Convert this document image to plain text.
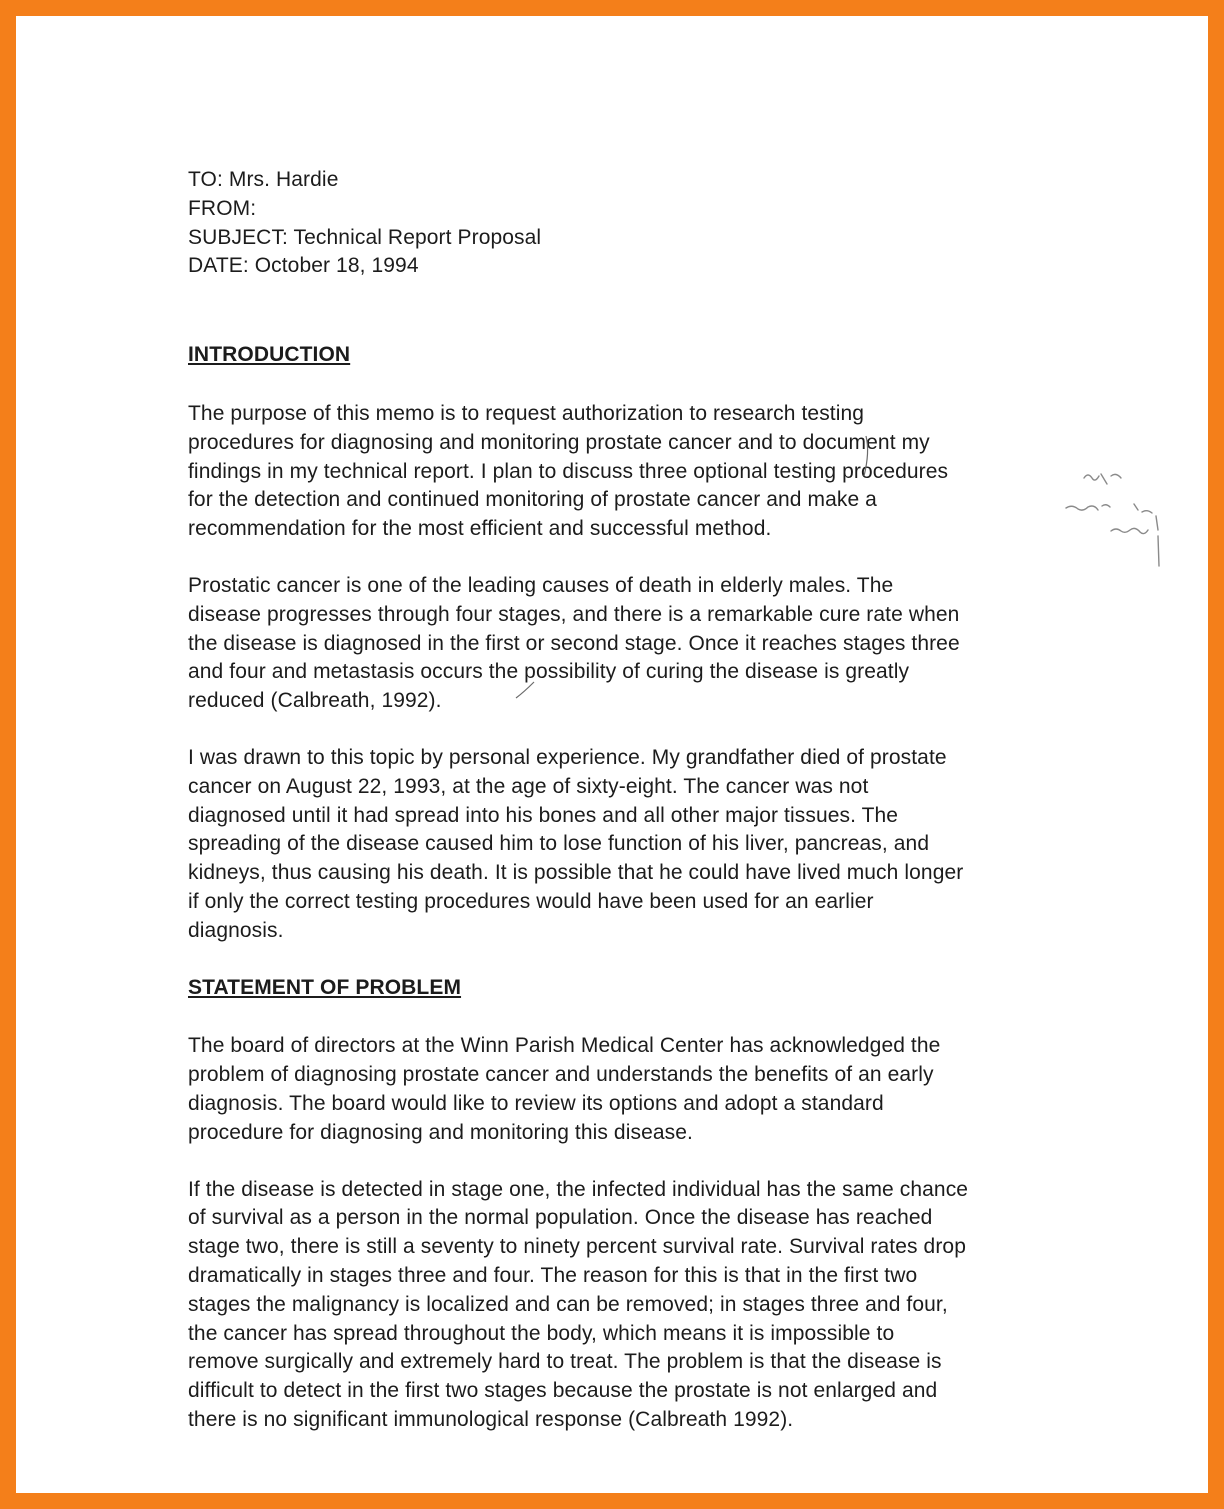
TO: Mrs. Hardie
FROM:
SUBJECT: Technical Report Proposal
DATE: October 18, 1994
INTRODUCTION

The purpose of this memo is to request authorization to research testing
procedures for diagnosing and monitoring prostate cancer and to document my
findings in my technical report. I plan to discuss three optional testing procedures
for the detection and continued monitoring of prostate cancer and make a
recommendation for the most efficient and successful method.

Prostatic cancer is one of the leading causes of death in elderly males. The
disease progresses through four stages, and there is a remarkable cure rate when
the disease is diagnosed in the first or second stage. Once it reaches stages three
and four and metastasis occurs the possibility of curing the disease is greatly
reduced (Calbreath, 1992).

I was drawn to this topic by personal experience. My grandfather died of prostate
cancer on August 22, 1993, at the age of sixty-eight. The cancer was not
diagnosed until it had spread into his bones and all other major tissues. The
spreading of the disease caused him to lose function of his liver, pancreas, and
kidneys, thus causing his death. It is possible that he could have lived much longer
if only the correct testing procedures would have been used for an earlier
diagnosis.

STATEMENT OF PROBLEM

The board of directors at the Winn Parish Medical Center has acknowledged the
problem of diagnosing prostate cancer and understands the benefits of an early
diagnosis. The board would like to review its options and adopt a standard
procedure for diagnosing and monitoring this disease.

If the disease is detected in stage one, the infected individual has the same chance
of survival as a person in the normal population. Once the disease has reached
stage two, there is still a seventy to ninety percent survival rate. Survival rates drop
dramatically in stages three and four. The reason for this is that in the first two
stages the malignancy is localized and can be removed; in stages three and four,
the cancer has spread throughout the body, which means it is impossible to
remove surgically and extremely hard to treat. The problem is that the disease is
difficult to detect in the first two stages because the prostate is not enlarged and
there is no significant immunological response (Calbreath 1992).
